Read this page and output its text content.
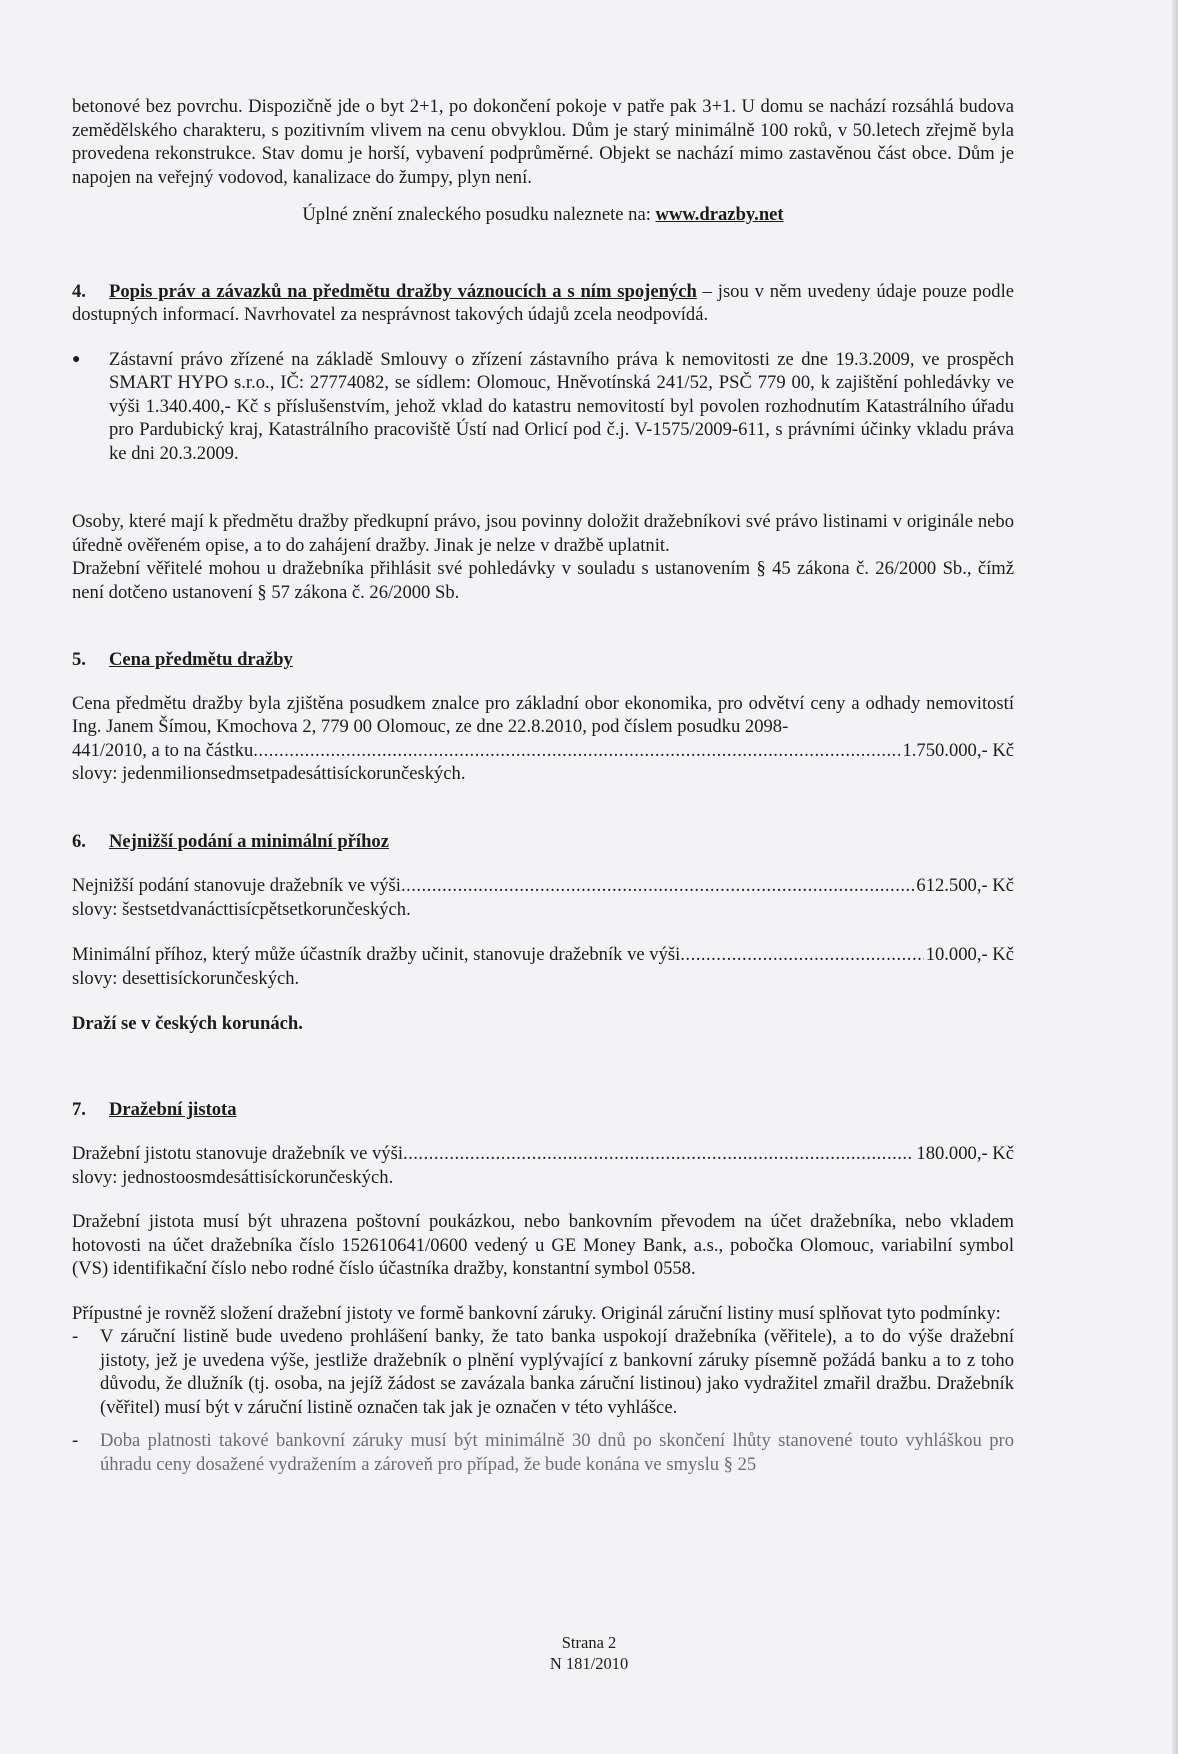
betonové bez povrchu. Dispozičně jde o byt 2+1, po dokončení pokoje v patře pak 3+1. U domu se nachází rozsáhlá budova zemědělského charakteru, s pozitivním vlivem na cenu obvyklou. Dům je starý minimálně 100 roků, v 50.letech zřejmě byla provedena rekonstrukce. Stav domu je horší, vybavení podprůměrné. Objekt se nachází mimo zastavěnou část obce. Dům je napojen na veřejný vodovod, kanalizace do žumpy, plyn není.

Úplné znění znaleckého posudku naleznete na: www.drazby.net

4. Popis práv a závazků na předmětu dražby váznoucích a s ním spojených – jsou v něm uvedeny údaje pouze podle dostupných informací. Navrhovatel za nesprávnost takových údajů zcela neodpovídá.

●	Zástavní právo zřízené na základě Smlouvy o zřízení zástavního práva k nemovitosti ze dne 19.3.2009, ve prospěch SMART HYPO s.r.o., IČ: 27774082, se sídlem: Olomouc, Hněvotínská 241/52, PSČ 779 00, k zajištění pohledávky ve výši 1.340.400,- Kč s příslušenstvím, jehož vklad do katastru nemovitostí byl povolen rozhodnutím Katastrálního úřadu pro Pardubický kraj, Katastrálního pracoviště Ústí nad Orlicí pod č.j. V-1575/2009-611, s právními účinky vkladu práva ke dni 20.3.2009.

Osoby, které mají k předmětu dražby předkupní právo, jsou povinny doložit dražebníkovi své právo listinami v originále nebo úředně ověřeném opise, a to do zahájení dražby. Jinak je nelze v dražbě uplatnit.

Dražební věřitelé mohou u dražebníka přihlásit své pohledávky v souladu s ustanovením § 45 zákona č. 26/2000 Sb., čímž není dotčeno ustanovení § 57 zákona č. 26/2000 Sb.

5.	Cena předmětu dražby

Cena předmětu dražby byla zjištěna posudkem znalce pro základní obor ekonomika, pro odvětví ceny a odhady nemovitostí Ing. Janem Šímou, Kmochova 2, 779 00 Olomouc, ze dne 22.8.2010, pod číslem posudku 2098-

441/2010, a to na částku .....	1.750.000,- Kč

slovy: jedenmilionsedmsetpadesáttisíckorunčeských.

6.	Nejnižší podání a minimální příhoz
Nejnižší podání stanovuje dražebník ve výši .....	612.500,- Kč

slovy: šestsetdvanácttisícpětsetkorunčeských.

Minimální příhoz, který může účastník dražby učinit, stanovuje dražebník ve výši .....	10.000,- Kč

slovy: desettisíckorunčeských.

Draží se v českých korunách.

7.	Dražební jistota
Dražební jistotu stanovuje dražebník ve výši .....	180.000,- Kč

slovy: jednostoosmdesáttisíckorunčeských.

Dražební jistota musí být uhrazena poštovní poukázkou, nebo bankovním převodem na účet dražebníka, nebo vkladem hotovosti na účet dražebníka číslo 152610641/0600 vedený u GE Money Bank, a.s., pobočka Olomouc, variabilní symbol (VS) identifikační číslo nebo rodné číslo účastníka dražby, konstantní symbol 0558.

Přípustné je rovněž složení dražební jistoty ve formě bankovní záruky. Originál záruční listiny musí splňovat tyto podmínky:

-	V záruční listině bude uvedeno prohlášení banky, že tato banka uspokojí dražebníka (věřitele), a to do výše dražební jistoty, jež je uvedena výše, jestliže dražebník o plnění vyplývající z bankovní záruky písemně požádá banku a to z toho důvodu, že dlužník (tj. osoba, na jejíž žádost se zavázala banka záruční listinou) jako vydražitel zmařil dražbu. Dražebník (věřitel) musí být v záruční listině označen tak jak je označen v této vyhlášce.

-	Doba platnosti takové bankovní záruky musí být minimálně 30 dnů po skončení lhůty stanovené touto vyhláškou pro úhradu ceny dosažené vydražením a zároveň pro případ, že bude konána ve smyslu § 25

Strana 2
N 181/2010
